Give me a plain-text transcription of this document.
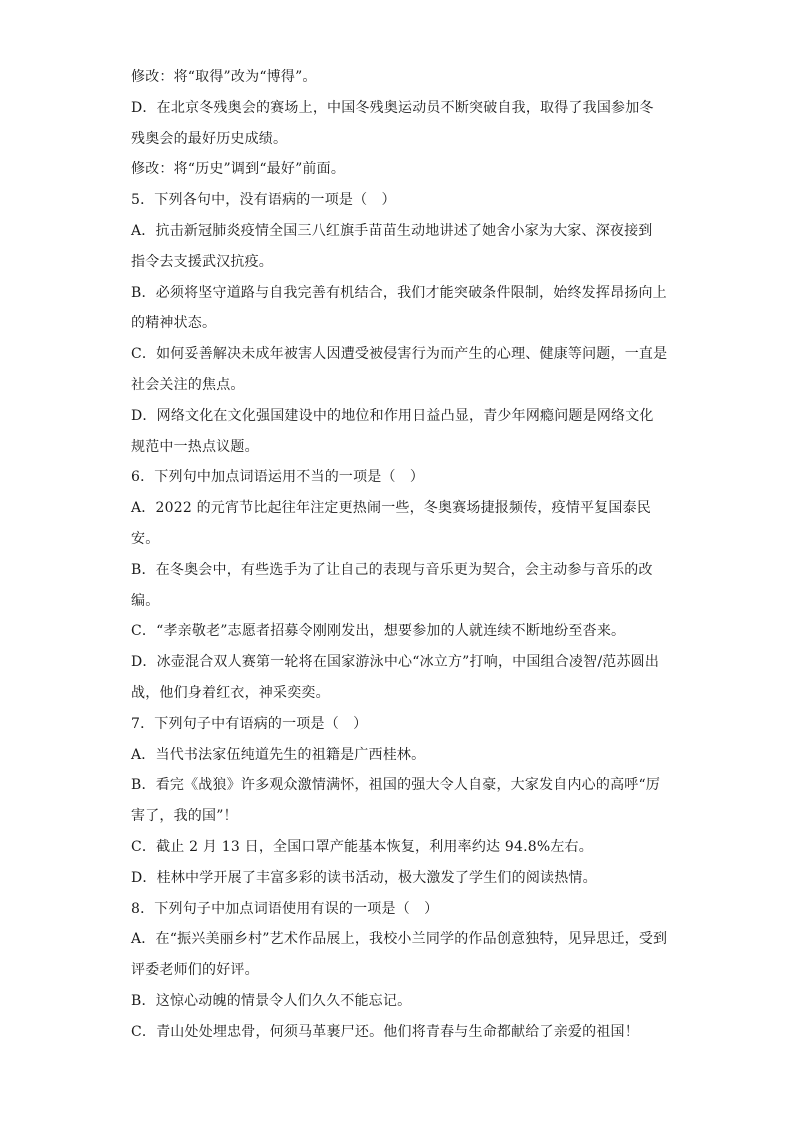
修改：将“取得”改为“博得”。
D．在北京冬残奥会的赛场上，中国冬残奥运动员不断突破自我，取得了我国参加冬
残奥会的最好历史成绩。
修改：将“历史”调到“最好”前面。
5．下列各句中，没有语病的一项是（　）
A．抗击新冠肺炎疫情全国三八红旗手苗苗生动地讲述了她舍小家为大家、深夜接到
指令去支援武汉抗疫。
B．必须将坚守道路与自我完善有机结合，我们才能突破条件限制，始终发挥昂扬向上
的精神状态。
C．如何妥善解决未成年被害人因遭受被侵害行为而产生的心理、健康等问题，一直是
社会关注的焦点。
D．网络文化在文化强国建设中的地位和作用日益凸显，青少年网瘾问题是网络文化
规范中一热点议题。
6．下列句中加点词语运用不当的一项是（　）
A．2022 的元宵节比起往年注定更热闹一些，冬奥赛场捷报频传，疫情平复国泰民
安。
B．在冬奥会中，有些选手为了让自己的表现与音乐更为契合，会主动参与音乐的改
编。
C．“孝亲敬老”志愿者招募令刚刚发出，想要参加的人就连续不断地纷至沓来。
D．冰壶混合双人赛第一轮将在国家游泳中心“冰立方”打响，中国组合凌智/范苏圆出
战，他们身着红衣，神采奕奕。
7．下列句子中有语病的一项是（　）
A．当代书法家伍纯道先生的祖籍是广西桂林。
B．看完《战狼》许多观众激情满怀，祖国的强大令人自豪，大家发自内心的高呼“厉
害了，我的国”！
C．截止 2 月 13 日，全国口罩产能基本恢复，利用率约达 94.8%左右。
D．桂林中学开展了丰富多彩的读书活动，极大激发了学生们的阅读热情。
8．下列句子中加点词语使用有误的一项是（　）
A．在“振兴美丽乡村”艺术作品展上，我校小兰同学的作品创意独特，见异思迁，受到
评委老师们的好评。
B．这惊心动魄的情景令人们久久不能忘记。
C．青山处处埋忠骨，何须马革裹尸还。他们将青春与生命都献给了亲爱的祖国！
